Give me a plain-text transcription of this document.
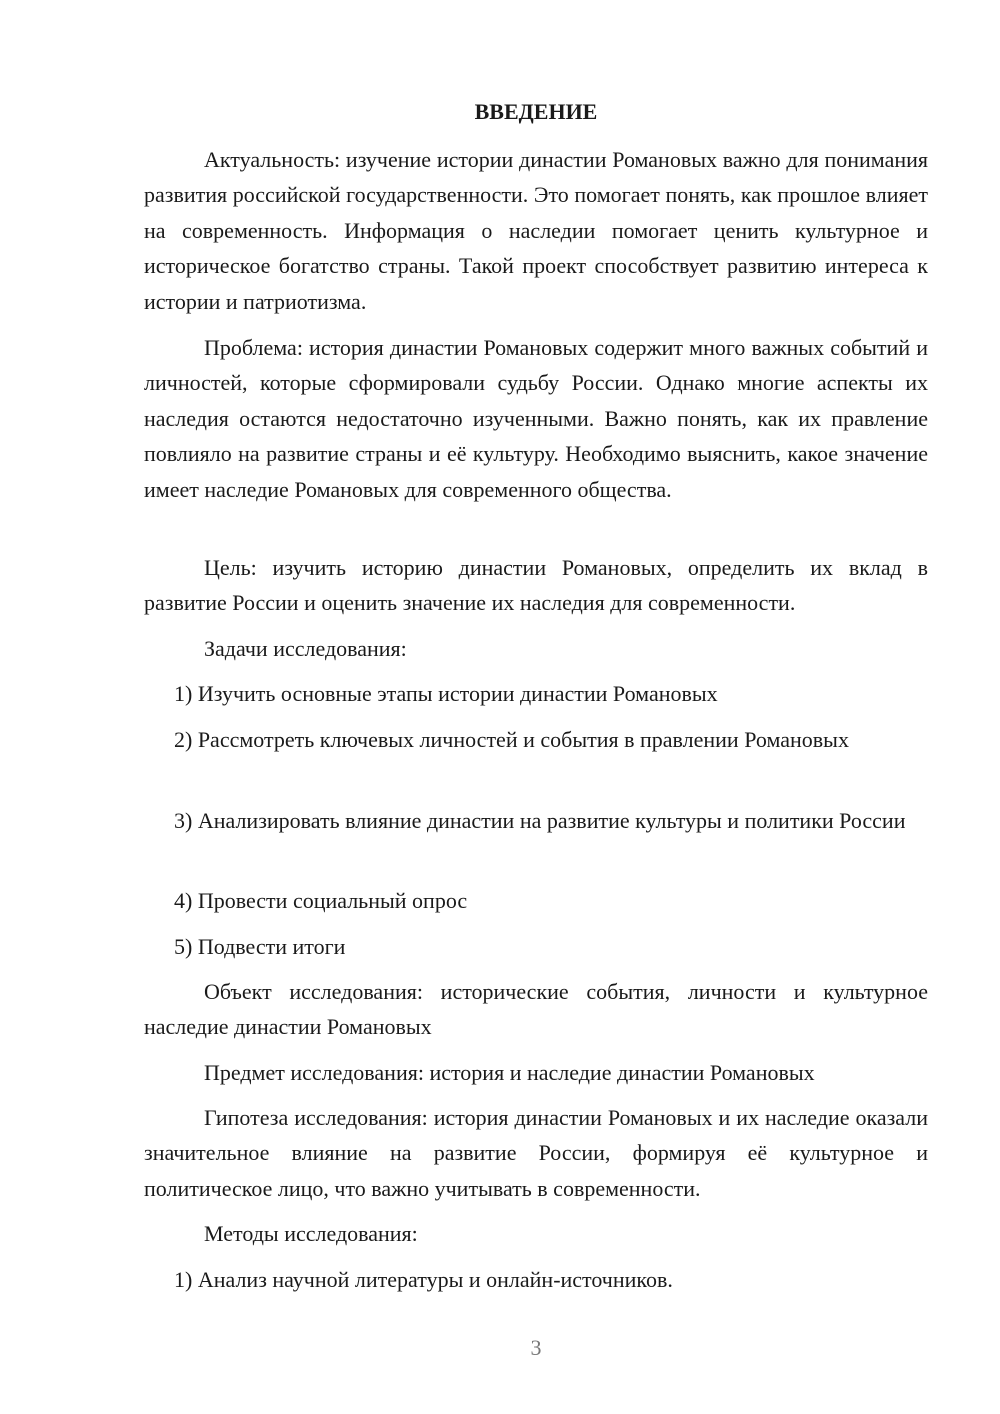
ВВЕДЕНИЕ

Актуальность: изучение истории династии Романовых важно для понимания развития российской государственности. Это помогает понять, как прошлое влияет на современность. Информация о наследии помогает ценить культурное и историческое богатство страны. Такой проект способствует развитию интереса к истории и патриотизма.

Проблема: история династии Романовых содержит много важных событий и личностей, которые сформировали судьбу России. Однако многие аспекты их наследия остаются недостаточно изученными. Важно понять, как их правление повлияло на развитие страны и её культуру. Необходимо выяснить, какое значение имеет наследие Романовых для современного общества.

Цель: изучить историю династии Романовых, определить их вклад в развитие России и оценить значение их наследия для современности.

Задачи исследования:

1) Изучить основные этапы истории династии Романовых

2) Рассмотреть ключевых личностей и события в правлении Романовых

3) Анализировать влияние династии на развитие культуры и политики России

4) Провести социальный опрос

5) Подвести итоги

Объект исследования: исторические события, личности и культурное наследие династии Романовых

Предмет исследования: история и наследие династии Романовых

Гипотеза исследования: история династии Романовых и их наследие оказали значительное влияние на развитие России, формируя её культурное и политическое лицо, что важно учитывать в современности.

Методы исследования:

1) Анализ научной литературы и онлайн-источников.

3
